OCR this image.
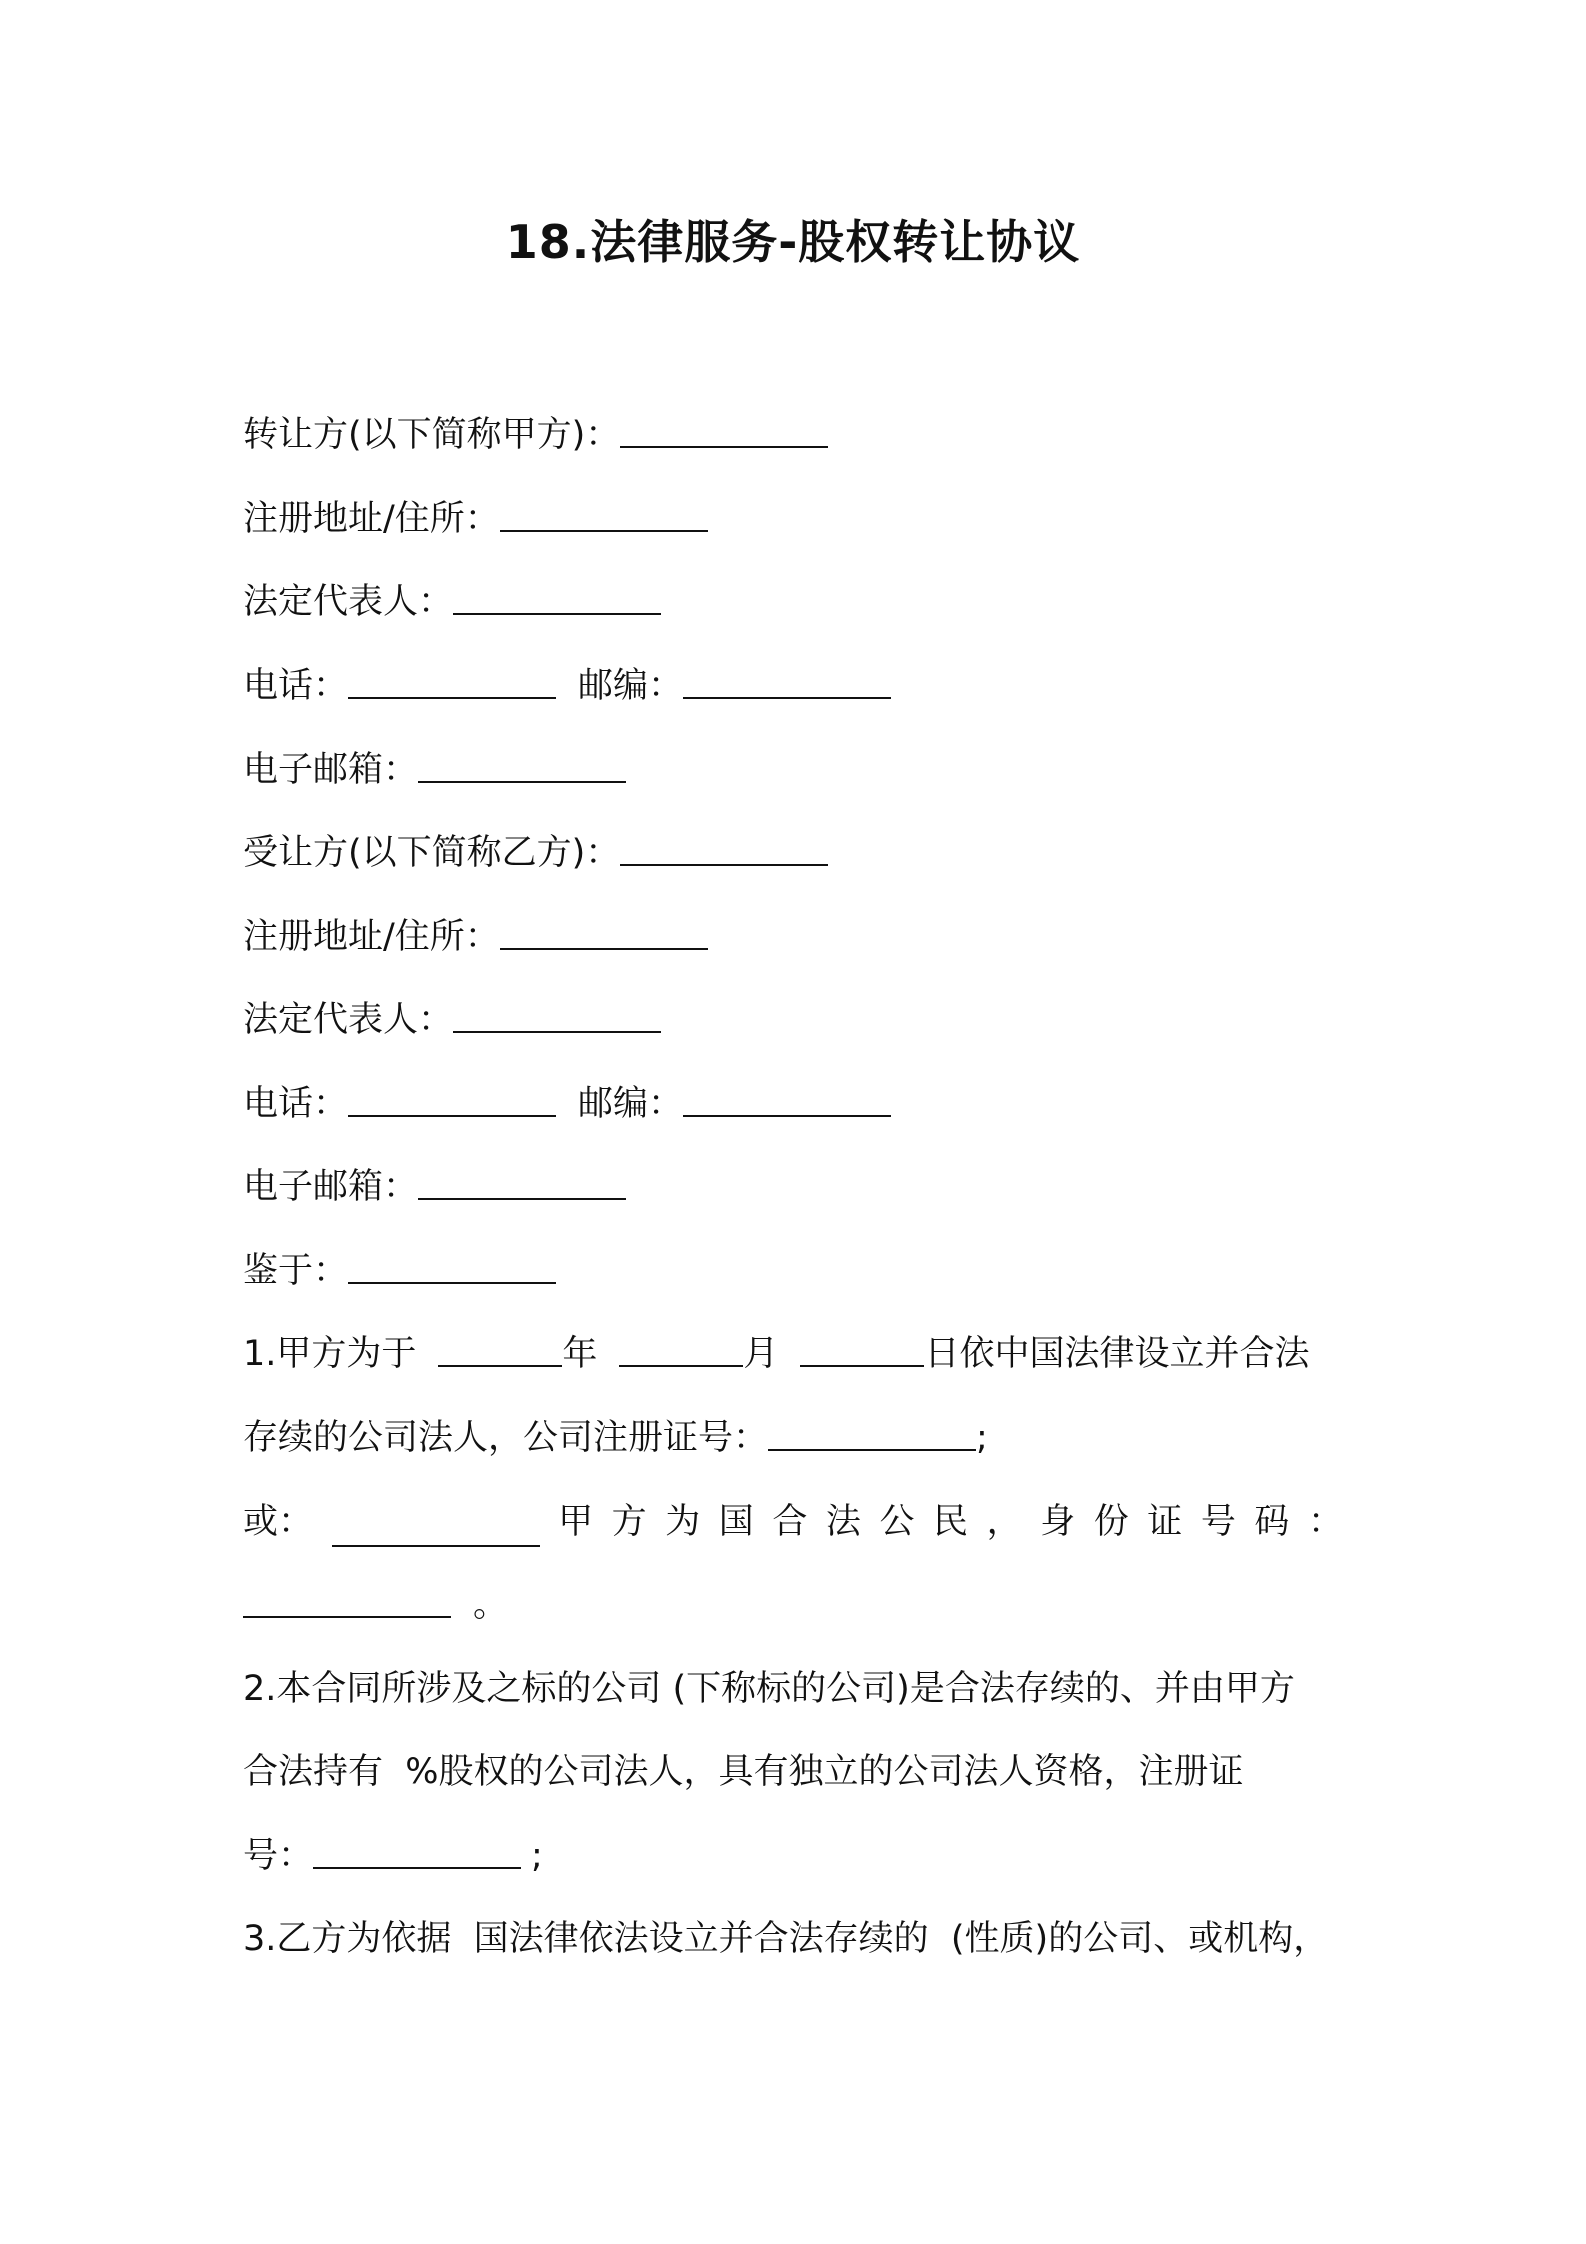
18.法律服务-股权转让协议
转让方(以下简称甲方)：
注册地址/住所：
法定代表人：
电话：	邮编：
电子邮箱：
受让方(以下简称乙方)：
注册地址/住所：
法定代表人：
电话：	邮编：
电子邮箱：
鉴于：
1.甲方为于	年	月	日依中国法律设立并合法
存续的公司法人，公司注册证号：	;
或：	甲 方 为 国 合 法 公 民 ， 身 份 证 号 码 ：
。
2.本合同所涉及之标的公司 (下称标的公司)是合法存续的、并由甲方
合法持有  %股权的公司法人，具有独立的公司法人资格，注册证
号：	;
3.乙方为依据  国法律依法设立并合法存续的  (性质)的公司、或机构，
